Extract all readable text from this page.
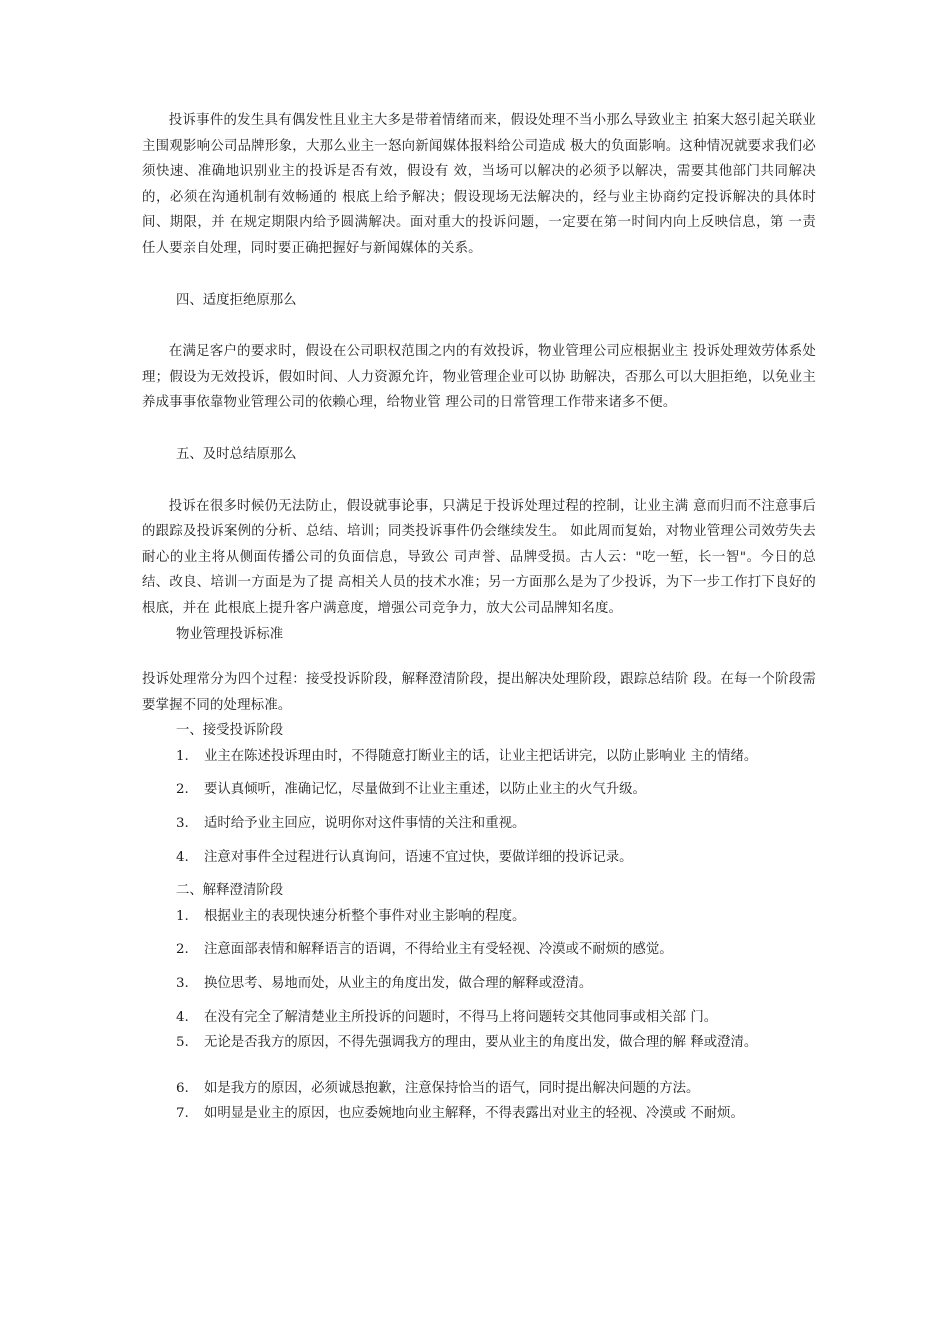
投诉事件的发生具有偶发性且业主大多是带着情绪而来，假设处理不当小那么导致业主 拍案大怒引起关联业主围观影响公司品牌形象，大那么业主一怒向新闻媒体报料给公司造成 极大的负面影响。这种情况就要求我们必须快速、准确地识别业主的投诉是否有效，假设有 效，当场可以解决的必须予以解决，需要其他部门共同解决的，必须在沟通机制有效畅通的 根底上给予解决；假设现场无法解决的，经与业主协商约定投诉解决的具体时间、期限，并 在规定期限内给予圆满解决。面对重大的投诉问题，一定要在第一时间内向上反映信息，第 一责任人要亲自处理，同时要正确把握好与新闻媒体的关系。

四、适度拒绝原那么

在满足客户的要求时，假设在公司职权范围之内的有效投诉，物业管理公司应根据业主 投诉处理效劳体系处理；假设为无效投诉，假如时间、人力资源允许，物业管理企业可以协 助解决，否那么可以大胆拒绝，以免业主养成事事依靠物业管理公司的依赖心理，给物业管 理公司的日常管理工作带来诸多不便。

五、及时总结原那么

投诉在很多时候仍无法防止，假设就事论事，只满足于投诉处理过程的控制，让业主满 意而归而不注意事后的跟踪及投诉案例的分析、总结、培训；同类投诉事件仍会继续发生。 如此周而复始，对物业管理公司效劳失去耐心的业主将从侧面传播公司的负面信息，导致公 司声誉、品牌受损。古人云："吃一堑，长一智"。今日的总结、改良、培训一方面是为了提 高相关人员的技术水准；另一方面那么是为了少投诉，为下一步工作打下良好的根底，并在 此根底上提升客户满意度，增强公司竞争力，放大公司品牌知名度。

物业管理投诉标准

投诉处理常分为四个过程：接受投诉阶段，解释澄清阶段，提出解决处理阶段，跟踪总结阶 段。在每一个阶段需要掌握不同的处理标准。

一、接受投诉阶段

1. 业主在陈述投诉理由时，不得随意打断业主的话，让业主把话讲完，以防止影响业 主的情绪。

2. 要认真倾听，准确记忆，尽量做到不让业主重述，以防止业主的火气升级。

3. 适时给予业主回应，说明你对这件事情的关注和重视。

4. 注意对事件全过程进行认真询问，语速不宜过快，要做详细的投诉记录。

二、解释澄清阶段

1. 根据业主的表现快速分析整个事件对业主影响的程度。

2. 注意面部表情和解释语言的语调，不得给业主有受轻视、冷漠或不耐烦的感觉。

3. 换位思考、易地而处，从业主的角度出发，做合理的解释或澄清。

4. 在没有完全了解清楚业主所投诉的问题时，不得马上将问题转交其他同事或相关部 门。

5. 无论是否我方的原因，不得先强调我方的理由，要从业主的角度出发，做合理的解 释或澄清。

6. 如是我方的原因，必须诚恳抱歉，注意保持恰当的语气，同时提出解决问题的方法。

7. 如明显是业主的原因，也应委婉地向业主解释，不得表露出对业主的轻视、冷漠或 不耐烦。
